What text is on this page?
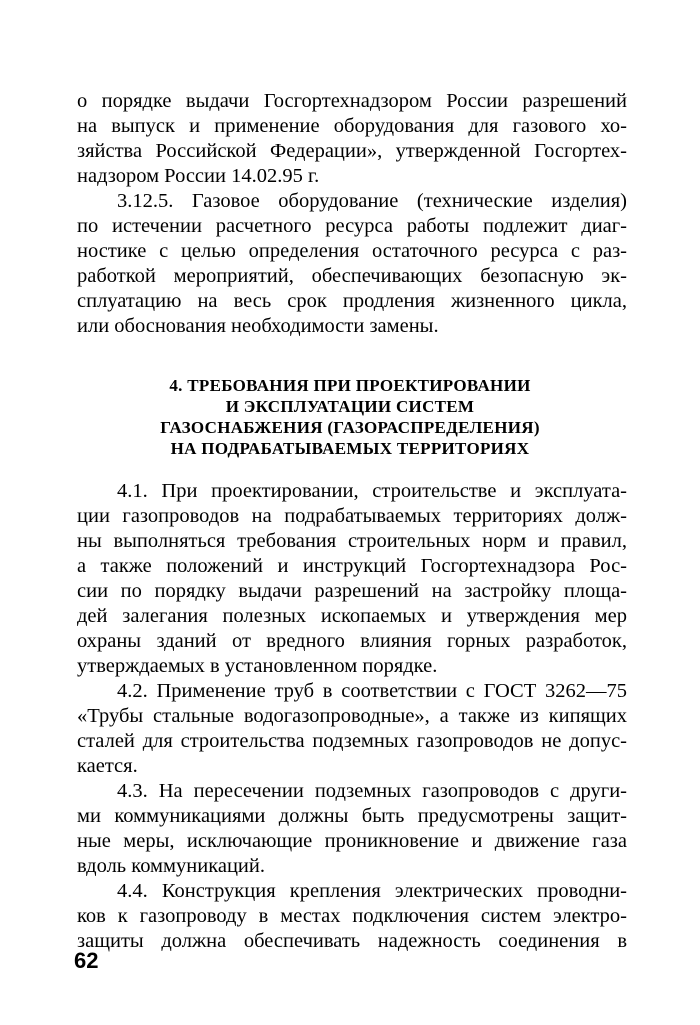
о порядке выдачи Госгортехнадзором России разрешений
на выпуск и применение оборудования для газового хо-
зяйства Российской Федерации», утвержденной Госгортех-
надзором России 14.02.95 г.
3.12.5. Газовое оборудование (технические изделия)
по истечении расчетного ресурса работы подлежит диаг-
ностике с целью определения остаточного ресурса с раз-
работкой мероприятий, обеспечивающих безопасную эк-
сплуатацию на весь срок продления жизненного цикла,
или обоснования необходимости замены.
4. ТРЕБОВАНИЯ ПРИ ПРОЕКТИРОВАНИИ
И ЭКСПЛУАТАЦИИ СИСТЕМ
ГАЗОСНАБЖЕНИЯ (ГАЗОРАСПРЕДЕЛЕНИЯ)
НА ПОДРАБАТЫВАЕМЫХ ТЕРРИТОРИЯХ
4.1. При проектировании, строительстве и эксплуата-
ции газопроводов на подрабатываемых территориях долж-
ны выполняться требования строительных норм и правил,
а также положений и инструкций Госгортехнадзора Рос-
сии по порядку выдачи разрешений на застройку площа-
дей залегания полезных ископаемых и утверждения мер
охраны зданий от вредного влияния горных разработок,
утверждаемых в установленном порядке.
4.2. Применение труб в соответствии с ГОСТ 3262—75
«Трубы стальные водогазопроводные», а также из кипящих
сталей для строительства подземных газопроводов не допус-
кается.
4.3. На пересечении подземных газопроводов с други-
ми коммуникациями должны быть предусмотрены защит-
ные меры, исключающие проникновение и движение газа
вдоль коммуникаций.
4.4. Конструкция крепления электрических проводни-
ков к газопроводу в местах подключения систем электро-
защиты должна обеспечивать надежность соединения в
62
